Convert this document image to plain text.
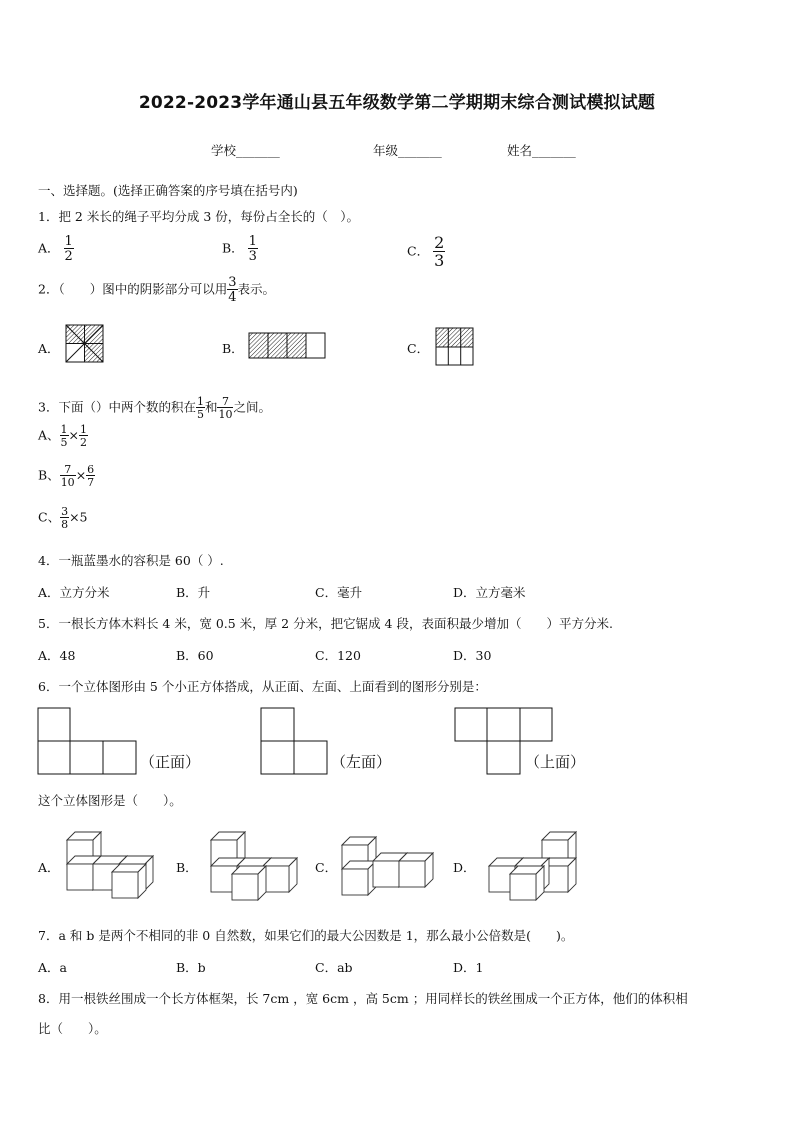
2022-2023学年通山县五年级数学第二学期期末综合测试模拟试题
学校_______	年级_______	姓名_______
一、选择题。(选择正确答案的序号填在括号内)
1．把 2 米长的绳子平均分成 3 份，每份占全长的（　）。
A． $\frac{1}{2}$	B． $\frac{1}{3}$	C． $\frac{2}{3}$
2．（　　）图中的阴影部分可以用 $\frac{3}{4}$ 表示。
A．	B．	C．
3．下面（）中两个数的积在 $\frac{1}{5}$ 和 $\frac{7}{10}$ 之间。
A、 $\frac{1}{5} \times \frac{1}{2}$
B、 $\frac{7}{10} \times \frac{6}{7}$
C、 $\frac{3}{8} \times 5$
4．一瓶蓝墨水的容积是 60（ ）.
A．立方分米	B．升	C．毫升	D．立方毫米
5．一根长方体木料长 4 米，宽 0.5 米，厚 2 分米，把它锯成 4 段，表面积最少增加（　　）平方分米.
A．48	B．60	C．120	D．30
6．一个立体图形由 5 个小正方体搭成，从正面、左面、上面看到的图形分别是：
（正面）	（左面）	（上面）
这个立体图形是（　　）。
A．	B．	C．	D．
7．a 和 b 是两个不相同的非 0 自然数，如果它们的最大公因数是 1，那么最小公倍数是(　　)。
A．a	B．b	C．ab	D．1
8．用一根铁丝围成一个长方体框架，长 7cm ，宽 6cm ，高 5cm ；用同样长的铁丝围成一个正方体，他们的体积相
比（　　）。
